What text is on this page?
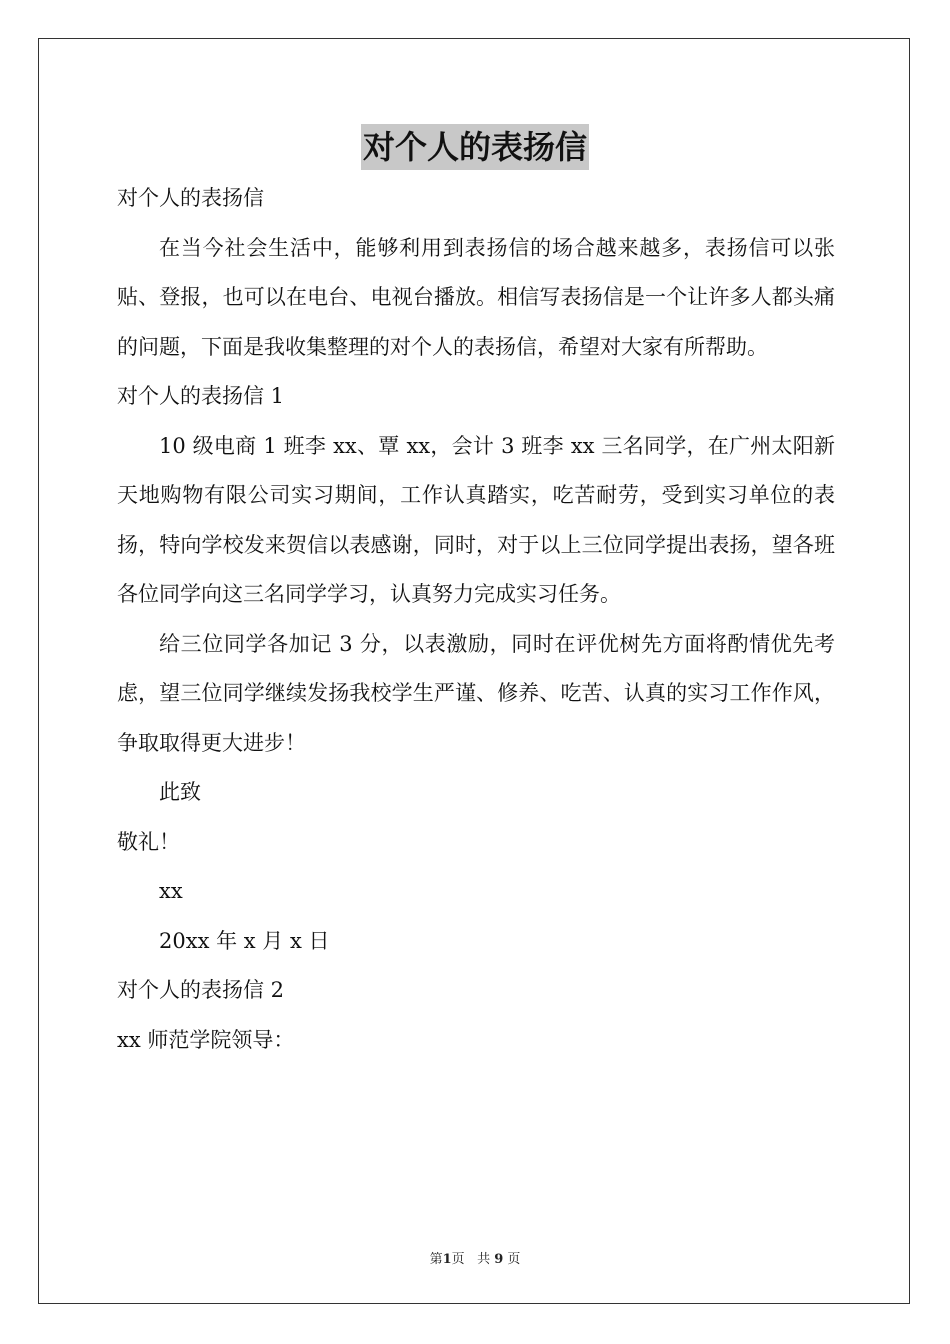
对个人的表扬信

对个人的表扬信

在当今社会生活中，能够利用到表扬信的场合越来越多，表扬信可以张贴、登报，也可以在电台、电视台播放。相信写表扬信是一个让许多人都头痛的问题，下面是我收集整理的对个人的表扬信，希望对大家有所帮助。

对个人的表扬信 1

10 级电商 1 班李 xx、覃 xx，会计 3 班李 xx 三名同学，在广州太阳新天地购物有限公司实习期间，工作认真踏实，吃苦耐劳，受到实习单位的表扬，特向学校发来贺信以表感谢，同时，对于以上三位同学提出表扬，望各班各位同学向这三名同学学习，认真努力完成实习任务。

给三位同学各加记 3 分，以表激励，同时在评优树先方面将酌情优先考虑，望三位同学继续发扬我校学生严谨、修养、吃苦、认真的实习工作作风，争取取得更大进步！

此致

敬礼！

xx

20xx 年 x 月 x 日

对个人的表扬信 2

xx 师范学院领导：

第1页 共 9 页
